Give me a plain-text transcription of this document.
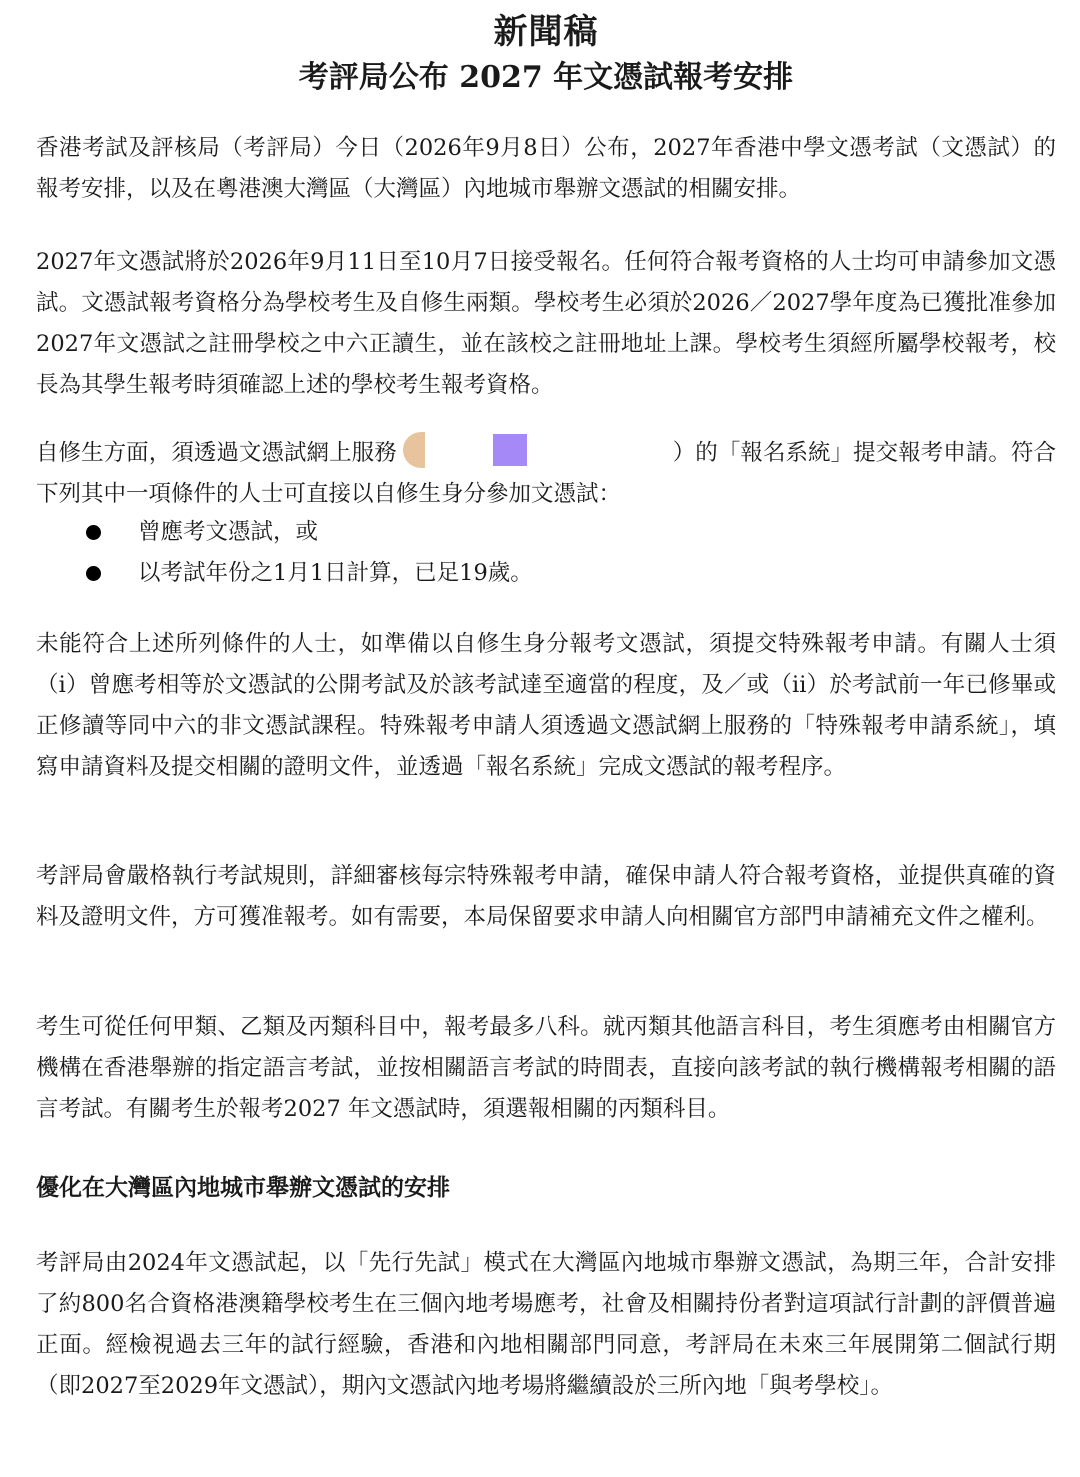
新聞稿
考評局公布 2027 年文憑試報考安排

香港考試及評核局（考評局）今日（2026年9月8日）公布，2027年香港中學文憑考試（文憑試）的報考安排，以及在粵港澳大灣區（大灣區）內地城市舉辦文憑試的相關安排。

2027年文憑試將於2026年9月11日至10月7日接受報名。任何符合報考資格的人士均可申請參加文憑試。文憑試報考資格分為學校考生及自修生兩類。學校考生必須於2026／2027學年度為已獲批准參加2027年文憑試之註冊學校之中六正讀生，並在該校之註冊地址上課。學校考生須經所屬學校報考，校長為其學生報考時須確認上述的學校考生報考資格。

自修生方面，須透過文憑試網上服務	）的「報名系統」提交報考申請。符合下列其中一項條件的人士可直接以自修生身分參加文憑試：

曾應考文憑試，或
以考試年份之1月1日計算，已足19歲。

未能符合上述所列條件的人士，如準備以自修生身分報考文憑試，須提交特殊報考申請。有關人士須（i）曾應考相等於文憑試的公開考試及於該考試達至適當的程度，及／或（ii）於考試前一年已修畢或正修讀等同中六的非文憑試課程。特殊報考申請人須透過文憑試網上服務的「特殊報考申請系統」，填寫申請資料及提交相關的證明文件，並透過「報名系統」完成文憑試的報考程序。

考評局會嚴格執行考試規則，詳細審核每宗特殊報考申請，確保申請人符合報考資格，並提供真確的資料及證明文件，方可獲准報考。如有需要，本局保留要求申請人向相關官方部門申請補充文件之權利。

考生可從任何甲類、乙類及丙類科目中，報考最多八科。就丙類其他語言科目，考生須應考由相關官方機構在香港舉辦的指定語言考試，並按相關語言考試的時間表，直接向該考試的執行機構報考相關的語言考試。有關考生於報考2027 年文憑試時，須選報相關的丙類科目。

優化在大灣區內地城市舉辦文憑試的安排

考評局由2024年文憑試起，以「先行先試」模式在大灣區內地城市舉辦文憑試，為期三年，合計安排了約800名合資格港澳籍學校考生在三個內地考場應考，社會及相關持份者對這項試行計劃的評價普遍正面。經檢視過去三年的試行經驗，香港和內地相關部門同意，考評局在未來三年展開第二個試行期（即2027至2029年文憑試），期內文憑試內地考場將繼續設於三所內地「與考學校」。
